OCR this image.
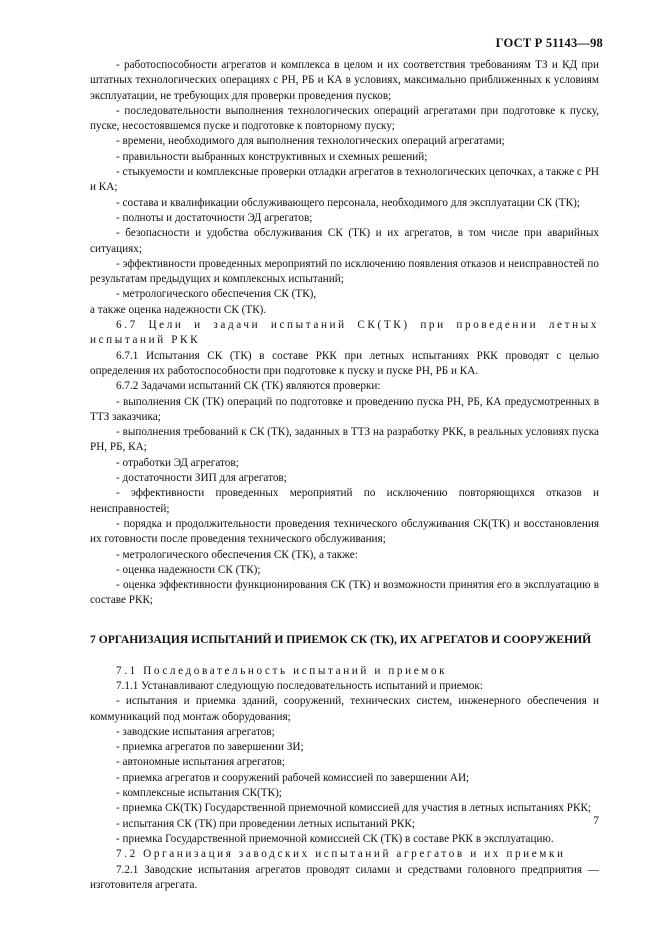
ГОСТ Р 51143—98

- работоспособности агрегатов и комплекса в целом и их соответствия требованиям ТЗ и КД при штатных технологических операциях с РН, РБ и КА в условиях, максимально приближенных к условиям эксплуатации, не требующих для проверки проведения пусков;

- последовательности выполнения технологических операций агрегатами при подготовке к пуску, пуске, несостоявшемся пуске и подготовке к повторному пуску;

- времени, необходимого для выполнения технологических операций агрегатами;

- правильности выбранных конструктивных и схемных решений;

- стыкуемости и комплексные проверки отладки агрегатов в технологических цепочках, а также с РН и КА;

- состава и квалификации обслуживающего персонала, необходимого для эксплуатации СК (ТК);

- полноты и достаточности ЭД агрегатов;

- безопасности и удобства обслуживания СК (ТК) и их агрегатов, в том числе при аварийных ситуациях;

- эффективности проведенных мероприятий по исключению появления отказов и неисправностей по результатам предыдущих и комплексных испытаний;

- метрологического обеспечения СК (ТК),

а также оценка надежности СК (ТК).

6.7 Цели и задачи испытаний СК(ТК) при проведении летных испытаний РКК

6.7.1 Испытания СК (ТК) в составе РКК при летных испытаниях РКК проводят с целью определения их работоспособности при подготовке к пуску и пуске РН, РБ и КА.

6.7.2 Задачами испытаний СК (ТК) являются проверки:

- выполнения СК (ТК) операций по подготовке и проведению пуска РН, РБ, КА предусмотренных в ТТЗ заказчика;

- выполнения требований к СК (ТК), заданных в ТТЗ на разработку РКК, в реальных условиях пуска РН, РБ, КА;

- отработки ЭД агрегатов;

- достаточности ЗИП для агрегатов;

- эффективности проведенных мероприятий по исключению повторяющихся отказов и неисправностей;

- порядка и продолжительности проведения технического обслуживания СК(ТК) и восстановления их готовности после проведения технического обслуживания;

- метрологического обеспечения СК (ТК), а также:

- оценка надежности СК (ТК);

- оценка эффективности функционирования СК (ТК) и возможности принятия его в эксплуатацию в составе РКК;

7 ОРГАНИЗАЦИЯ ИСПЫТАНИЙ И ПРИЕМОК СК (ТК), ИХ АГРЕГАТОВ И СООРУЖЕНИЙ

7.1 Последовательность испытаний и приемок

7.1.1 Устанавливают следующую последовательность испытаний и приемок:

- испытания и приемка зданий, сооружений, технических систем, инженерного обеспечения и коммуникаций под монтаж оборудования;

- заводские испытания агрегатов;

- приемка агрегатов по завершении ЗИ;

- автономные испытания агрегатов;

- приемка агрегатов и сооружений рабочей комиссией по завершении АИ;

- комплексные испытания СК(ТК);

- приемка СК(ТК) Государственной приемочной комиссией для участия в летных испытаниях РКК;

- испытания СК (ТК) при проведении летных испытаний РКК;

- приемка Государственной приемочной комиссией СК (ТК) в составе РКК в эксплуатацию.

7.2 Организация заводских испытаний агрегатов и их приемки

7.2.1 Заводские испытания агрегатов проводят силами и средствами головного предприятия — изготовителя агрегата.

7
